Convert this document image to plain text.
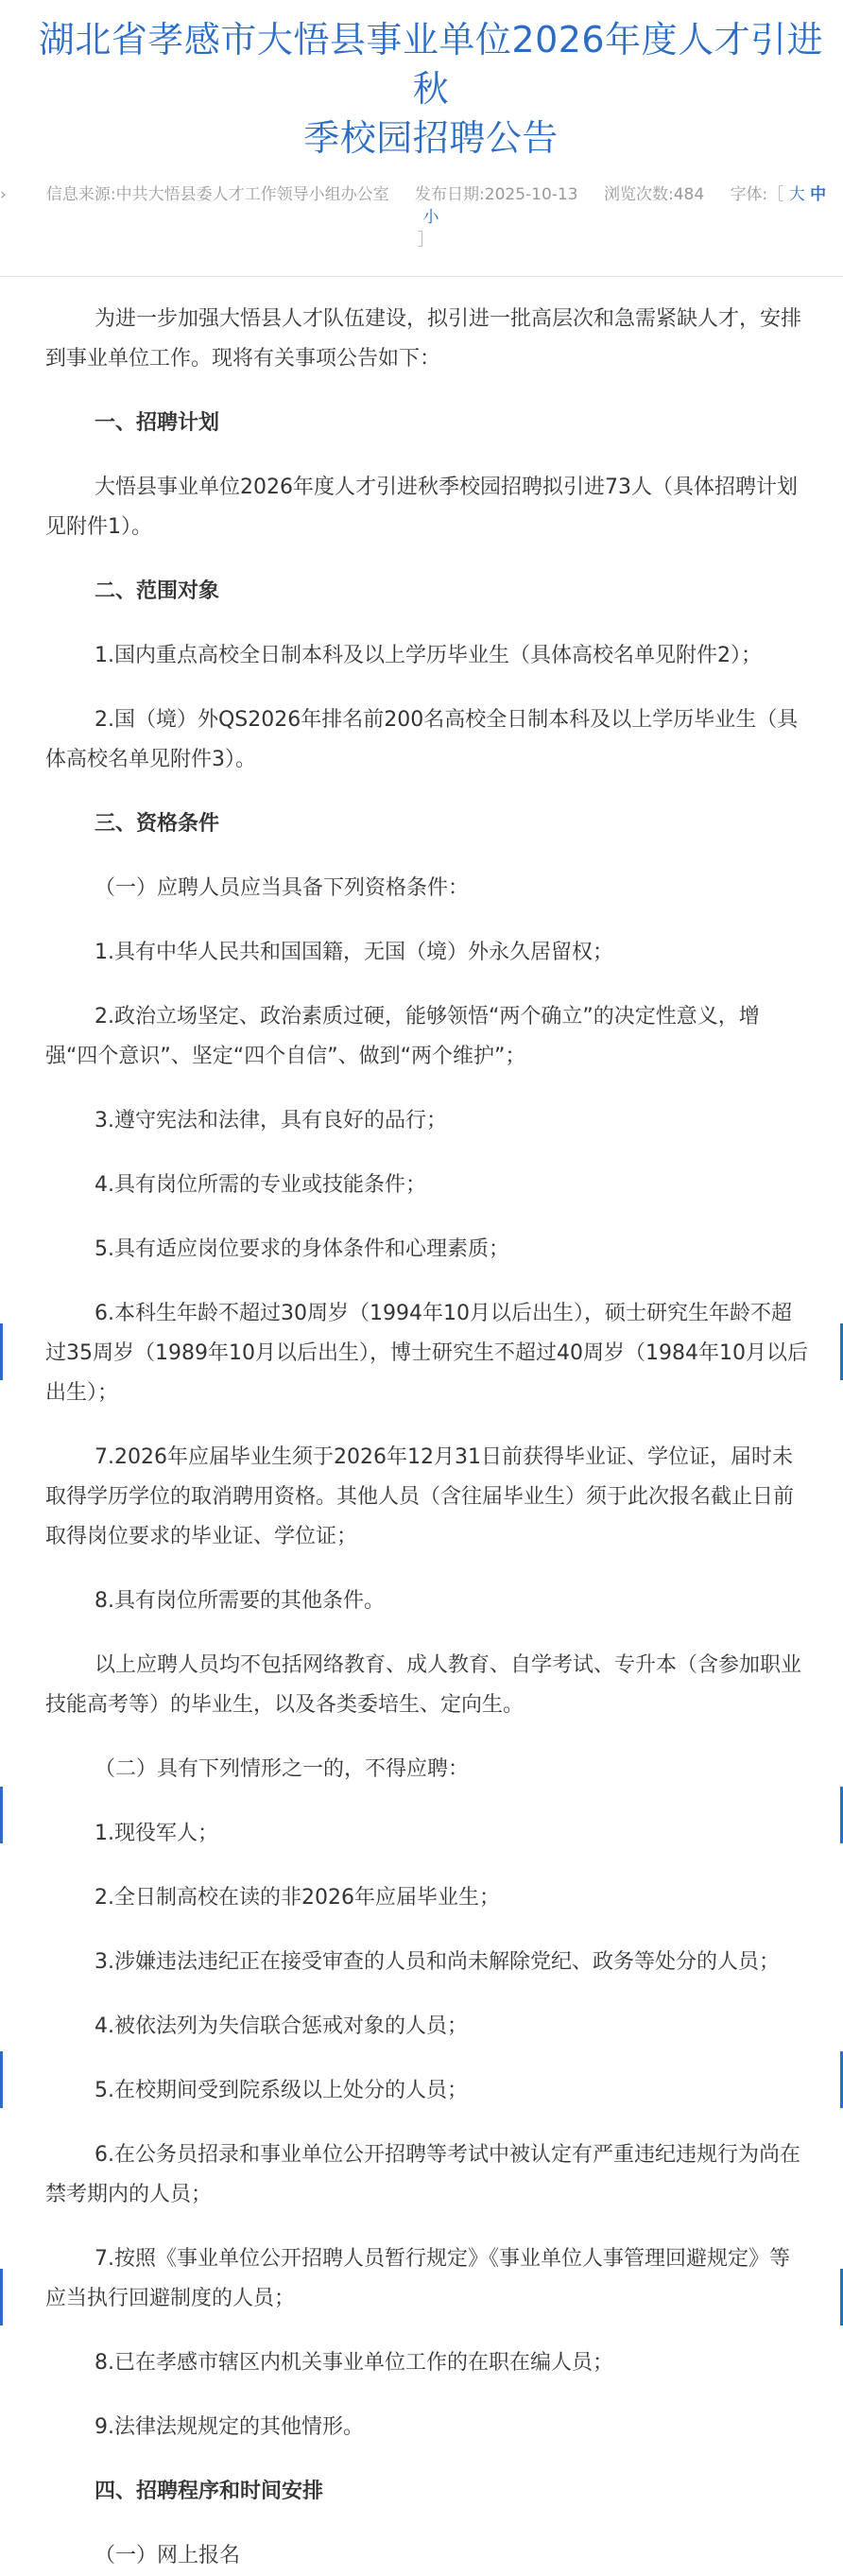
湖北省孝感市大悟县事业单位2026年度人才引进秋
季校园招聘公告
› 信息来源:中共大悟县委人才工作领导小组办公室 发布日期:2025-10-13 浏览次数:484 字体:［ 大 中 小
］

为进一步加强大悟县人才队伍建设，拟引进一批高层次和急需紧缺人才，安排到事业单位工作。现将有关事项公告如下：

一、招聘计划

大悟县事业单位2026年度人才引进秋季校园招聘拟引进73人（具体招聘计划见附件1）。

二、范围对象

1.国内重点高校全日制本科及以上学历毕业生（具体高校名单见附件2）；

2.国（境）外QS2026年排名前200名高校全日制本科及以上学历毕业生（具体高校名单见附件3）。

三、资格条件

（一）应聘人员应当具备下列资格条件：

1.具有中华人民共和国国籍，无国（境）外永久居留权；

2.政治立场坚定、政治素质过硬，能够领悟“两个确立”的决定性意义，增强“四个意识”、坚定“四个自信”、做到“两个维护”；

3.遵守宪法和法律，具有良好的品行；

4.具有岗位所需的专业或技能条件；

5.具有适应岗位要求的身体条件和心理素质；

6.本科生年龄不超过30周岁（1994年10月以后出生），硕士研究生年龄不超过35周岁（1989年10月以后出生），博士研究生不超过40周岁（1984年10月以后出生）；

7.2026年应届毕业生须于2026年12月31日前获得毕业证、学位证，届时未取得学历学位的取消聘用资格。其他人员（含往届毕业生）须于此次报名截止日前取得岗位要求的毕业证、学位证；

8.具有岗位所需要的其他条件。

以上应聘人员均不包括网络教育、成人教育、自学考试、专升本（含参加职业技能高考等）的毕业生，以及各类委培生、定向生。

（二）具有下列情形之一的，不得应聘：

1.现役军人；

2.全日制高校在读的非2026年应届毕业生；

3.涉嫌违法违纪正在接受审查的人员和尚未解除党纪、政务等处分的人员；

4.被依法列为失信联合惩戒对象的人员；

5.在校期间受到院系级以上处分的人员；

6.在公务员招录和事业单位公开招聘等考试中被认定有严重违纪违规行为尚在禁考期内的人员；

7.按照《事业单位公开招聘人员暂行规定》《事业单位人事管理回避规定》等应当执行回避制度的人员；

8.已在孝感市辖区内机关事业单位工作的在职在编人员；

9.法律法规规定的其他情形。

四、招聘程序和时间安排

（一）网上报名
